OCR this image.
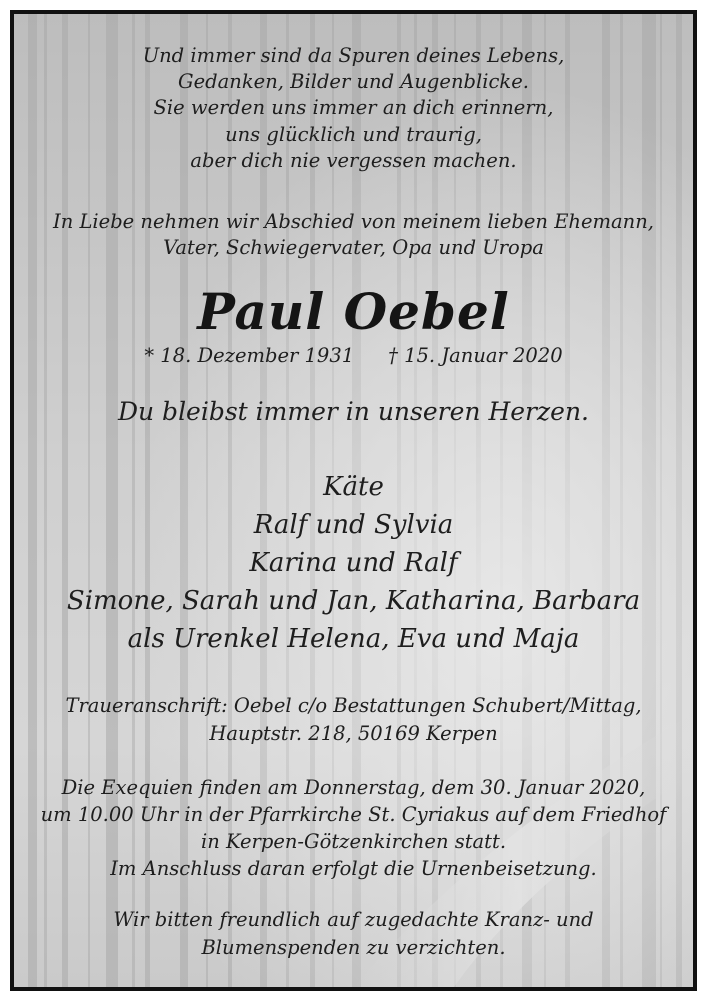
Und immer sind da Spuren deines Lebens,
Gedanken, Bilder und Augenblicke.
Sie werden uns immer an dich erinnern,
uns glücklich und traurig,
aber dich nie vergessen machen.
In Liebe nehmen wir Abschied von meinem lieben Ehemann,
Vater, Schwiegervater, Opa und Uropa
Paul Oebel
* 18. Dezember 1931 † 15. Januar 2020
Du bleibst immer in unseren Herzen.
Käte
Ralf und Sylvia
Karina und Ralf
Simone, Sarah und Jan, Katharina, Barbara
als Urenkel Helena, Eva und Maja
Traueranschrift: Oebel c/o Bestattungen Schubert/Mittag,
Hauptstr. 218, 50169 Kerpen
Die Exequien finden am Donnerstag, dem 30. Januar 2020,
um 10.00 Uhr in der Pfarrkirche St. Cyriakus auf dem Friedhof
in Kerpen-Götzenkirchen statt.
Im Anschluss daran erfolgt die Urnenbeisetzung.
Wir bitten freundlich auf zugedachte Kranz- und
Blumenspenden zu verzichten.
